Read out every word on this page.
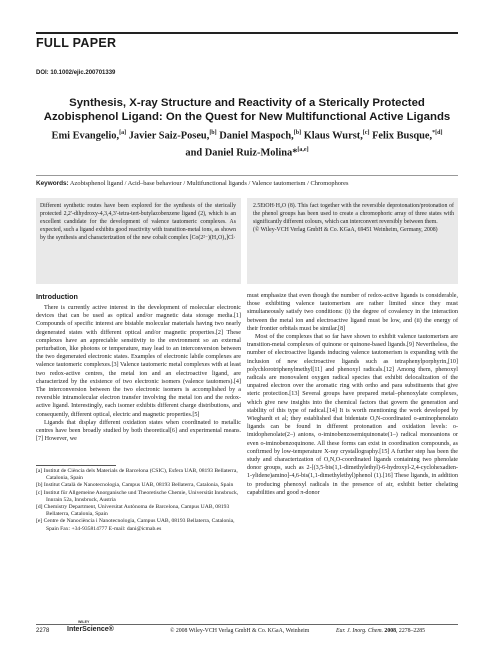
FULL PAPER
DOI: 10.1002/ejic.200701339
Synthesis, X-ray Structure and Reactivity of a Sterically Protected Azobisphenol Ligand: On the Quest for New Multifunctional Active Ligands
Emi Evangelio,[a] Javier Saiz-Poseu,[b] Daniel Maspoch,[b] Klaus Wurst,[c] Felix Busque,$^{*[d]}$
and Daniel Ruiz-Molina*[a,e]
Keywords: Azobisphenol ligand / Acid–base behaviour / Multifunctional ligands / Valence tautomerism / Chromophores

Different synthetic routes have been explored for the synthesis of the sterically protected 2,2′-dihydroxy-4,3,4,3′-tetra-tert-butylazobenzene ligand (2), which is an excellent candidate for the development of valence tautomeric complexes. As expected, such a ligand exhibits good reactivity with transition-metal ions, as shown by the synthesis and characterization of the new cobalt complex [Co(2²⁻)(H₂O)₃]Cl·

2.5EtOH·H₂O (8). This fact together with the reversible deprotonation/protonation of the phenol groups has been used to create a chromophoric array of three states with significantly different colours, which can interconvert reversibly between them.

(© Wiley-VCH Verlag GmbH & Co. KGaA, 69451 Weinheim, Germany, 2008)

Introduction

There is currently active interest in the development of molecular electronic devices that can be used as optical and/or magnetic data storage media.[1] Compounds of specific interest are bistable molecular materials having two nearly degenerated states with different optical and/or magnetic properties.[2] These complexes have an appreciable sensitivity to the environment so an external perturbation, like photons or temperature, may lead to an interconversion between the two degenerated electronic states. Examples of electronic labile complexes are valence tautomeric complexes.[3] Valence tautomeric metal complexes with at least two redox-active centres, the metal ion and an electroactive ligand, are characterized by the existence of two electronic isomers (valence tautomers).[4] The interconversion between the two electronic isomers is accomplished by a reversible intramolecular electron transfer involving the metal ion and the redox-active ligand. Interestingly, each isomer exhibits different charge distributions, and consequently, different optical, electric and magnetic properties.[5]

Ligands that display different oxidation states when coordinated to metallic centres have been broadly studied by both theoretical[6] and experimental means.[7] However, we

must emphasize that even though the number of redox-active ligands is considerable, those exhibiting valence tautomerism are rather limited since they must simultaneously satisfy two conditions: (i) the degree of covalency in the interaction between the metal ion and electroactive ligand must be low, and (ii) the energy of their frontier orbitals must be similar.[8]

Most of the complexes that so far have shown to exhibit valence tautomerism are transition-metal complexes of quinone or quinone-based ligands.[9] Nevertheless, the number of electroactive ligands inducing valence tautomerism is expanding with the inclusion of new electroactive ligands such as tetraphenylporphyrin,[10] polychlorotriphenylmethyl[11] and phenoxyl radicals.[12] Among them, phenoxyl radicals are monovalent oxygen radical species that exhibit delocalization of the unpaired electron over the aromatic ring with ortho and para substituents that give steric protection.[13] Several groups have prepared metal–phenoxylate complexes, which give new insights into the chemical factors that govern the generation and stability of this type of radical.[14] It is worth mentioning the work developed by Wieghardt et al; they established that bidentate O,N-coordinated o-aminophenolato ligands can be found in different protonation and oxidation levels: o-imidophenolate(2–) anions, o-iminobenzosemiquinonate(1–) radical monoanions or even o-iminobenzoquinone. All these forms can exist in coordination compounds, as confirmed by low-temperature X-ray crystallography.[15] A further step has been the study and characterization of O,N,O-coordinated ligands containing two phenolate donor groups, such as 2-[(3,5-bis(1,1-dimethylethyl)-6-hydroxyl-2,4-cyclohexadien-1-ylidene)amino]-4,6-bis(1,1-dimethylethyl)phenol (1).[16] These ligands, in addition to producing phenoxyl radicals in the presence of air, exhibit better chelating capabilities and good π-donor

[a] Institut de Ciència dels Materials de Barcelona (CSIC), Esfera UAB, 08193 Bellaterra, Catalonia, Spain

[b] Institut Català de Nanotecnologia, Campus UAB, 08193 Bellaterra, Catalonia, Spain

[c] Institut für Allgemeine Anorganische und Theoretische Chemie, Universität Innsbruck, Innrain 52a, Innsbruck, Austria

[d] Chemistry Department, Universitat Autònoma de Barcelona, Campus UAB, 08193 Bellaterra, Catalonia, Spain

[e] Centre de Nanociència i Nanotecnologia, Campus UAB, 08193 Bellaterra, Catalonia, Spain Fax: +34-935814777 E-mail: dani@icmab.es

2278
WILEY
InterScience®	© 2008 Wiley-VCH Verlag GmbH & Co. KGaA, Weinheim	Eur. J. Inorg. Chem. 2008, 2278–2285
